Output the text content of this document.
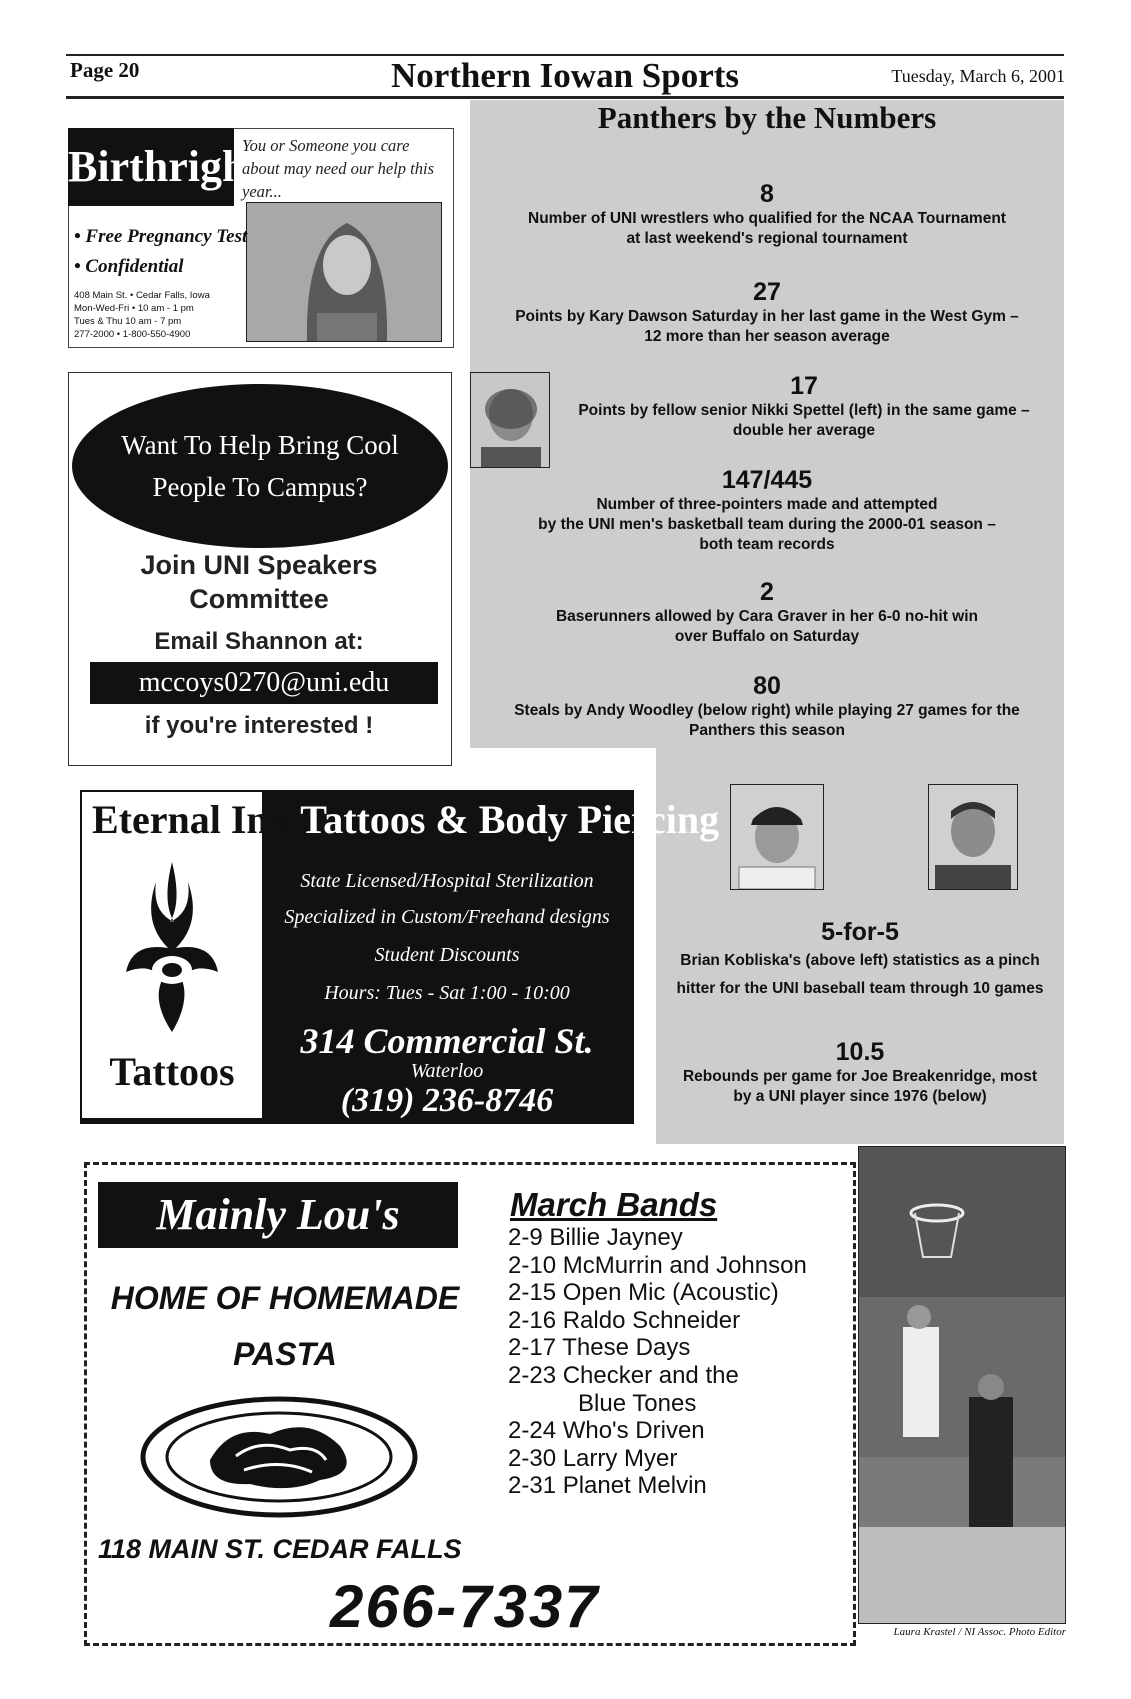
Page 20	Northern Iowan Sports	Tuesday, March 6, 2001
Panthers by the Numbers
8
Number of UNI wrestlers who qualified for the NCAA Tournament
at last weekend's regional tournament
27
Points by Kary Dawson Saturday in her last game in the West Gym –
12 more than her season average
17
Points by fellow senior Nikki Spettel (left) in the same game –
double her average
147/445
Number of three-pointers made and attempted
by the UNI men's basketball team during the 2000-01 season –
both team records
2
Baserunners allowed by Cara Graver in her 6-0 no-hit win
over Buffalo on Saturday
80
Steals by Andy Woodley (below right) while playing 27 games for the
Panthers this season
5-for-5
Brian Kobliska's (above left) statistics as a pinch
hitter for the UNI baseball team through 10 games
10.5
Rebounds per game for Joe Breakenridge, most
by a UNI player since 1976 (below)
Laura Krastel / NI Assoc. Photo Editor
Birthright
You or Someone you care about may need our help this year...
• Free Pregnancy Test
• Confidential
408 Main St. • Cedar Falls, Iowa
Mon-Wed-Fri • 10 am - 1 pm
Tues & Thu 10 am - 7 pm
277-2000 • 1-800-550-4900
Want To Help Bring Cool
People To Campus?
Join UNI Speakers
Committee
Email Shannon at:
mccoys0270@uni.edu
if you're interested !
Eternal Ink Tattoos & Body Piercing
Tattoos
State Licensed/Hospital Sterilization
Specialized in Custom/Freehand designs
Student Discounts
Hours: Tues - Sat 1:00 - 10:00
314 Commercial St.
Waterloo
(319) 236-8746
Mainly Lou's
HOME OF HOMEMADE
PASTA
March Bands
2-9 Billie Jayney
2-10 McMurrin and Johnson
2-15 Open Mic (Acoustic)
2-16 Raldo Schneider
2-17 These Days
2-23 Checker and the
Blue Tones
2-24 Who's Driven
2-30 Larry Myer
2-31 Planet Melvin
118 MAIN ST. CEDAR FALLS
266-7337
